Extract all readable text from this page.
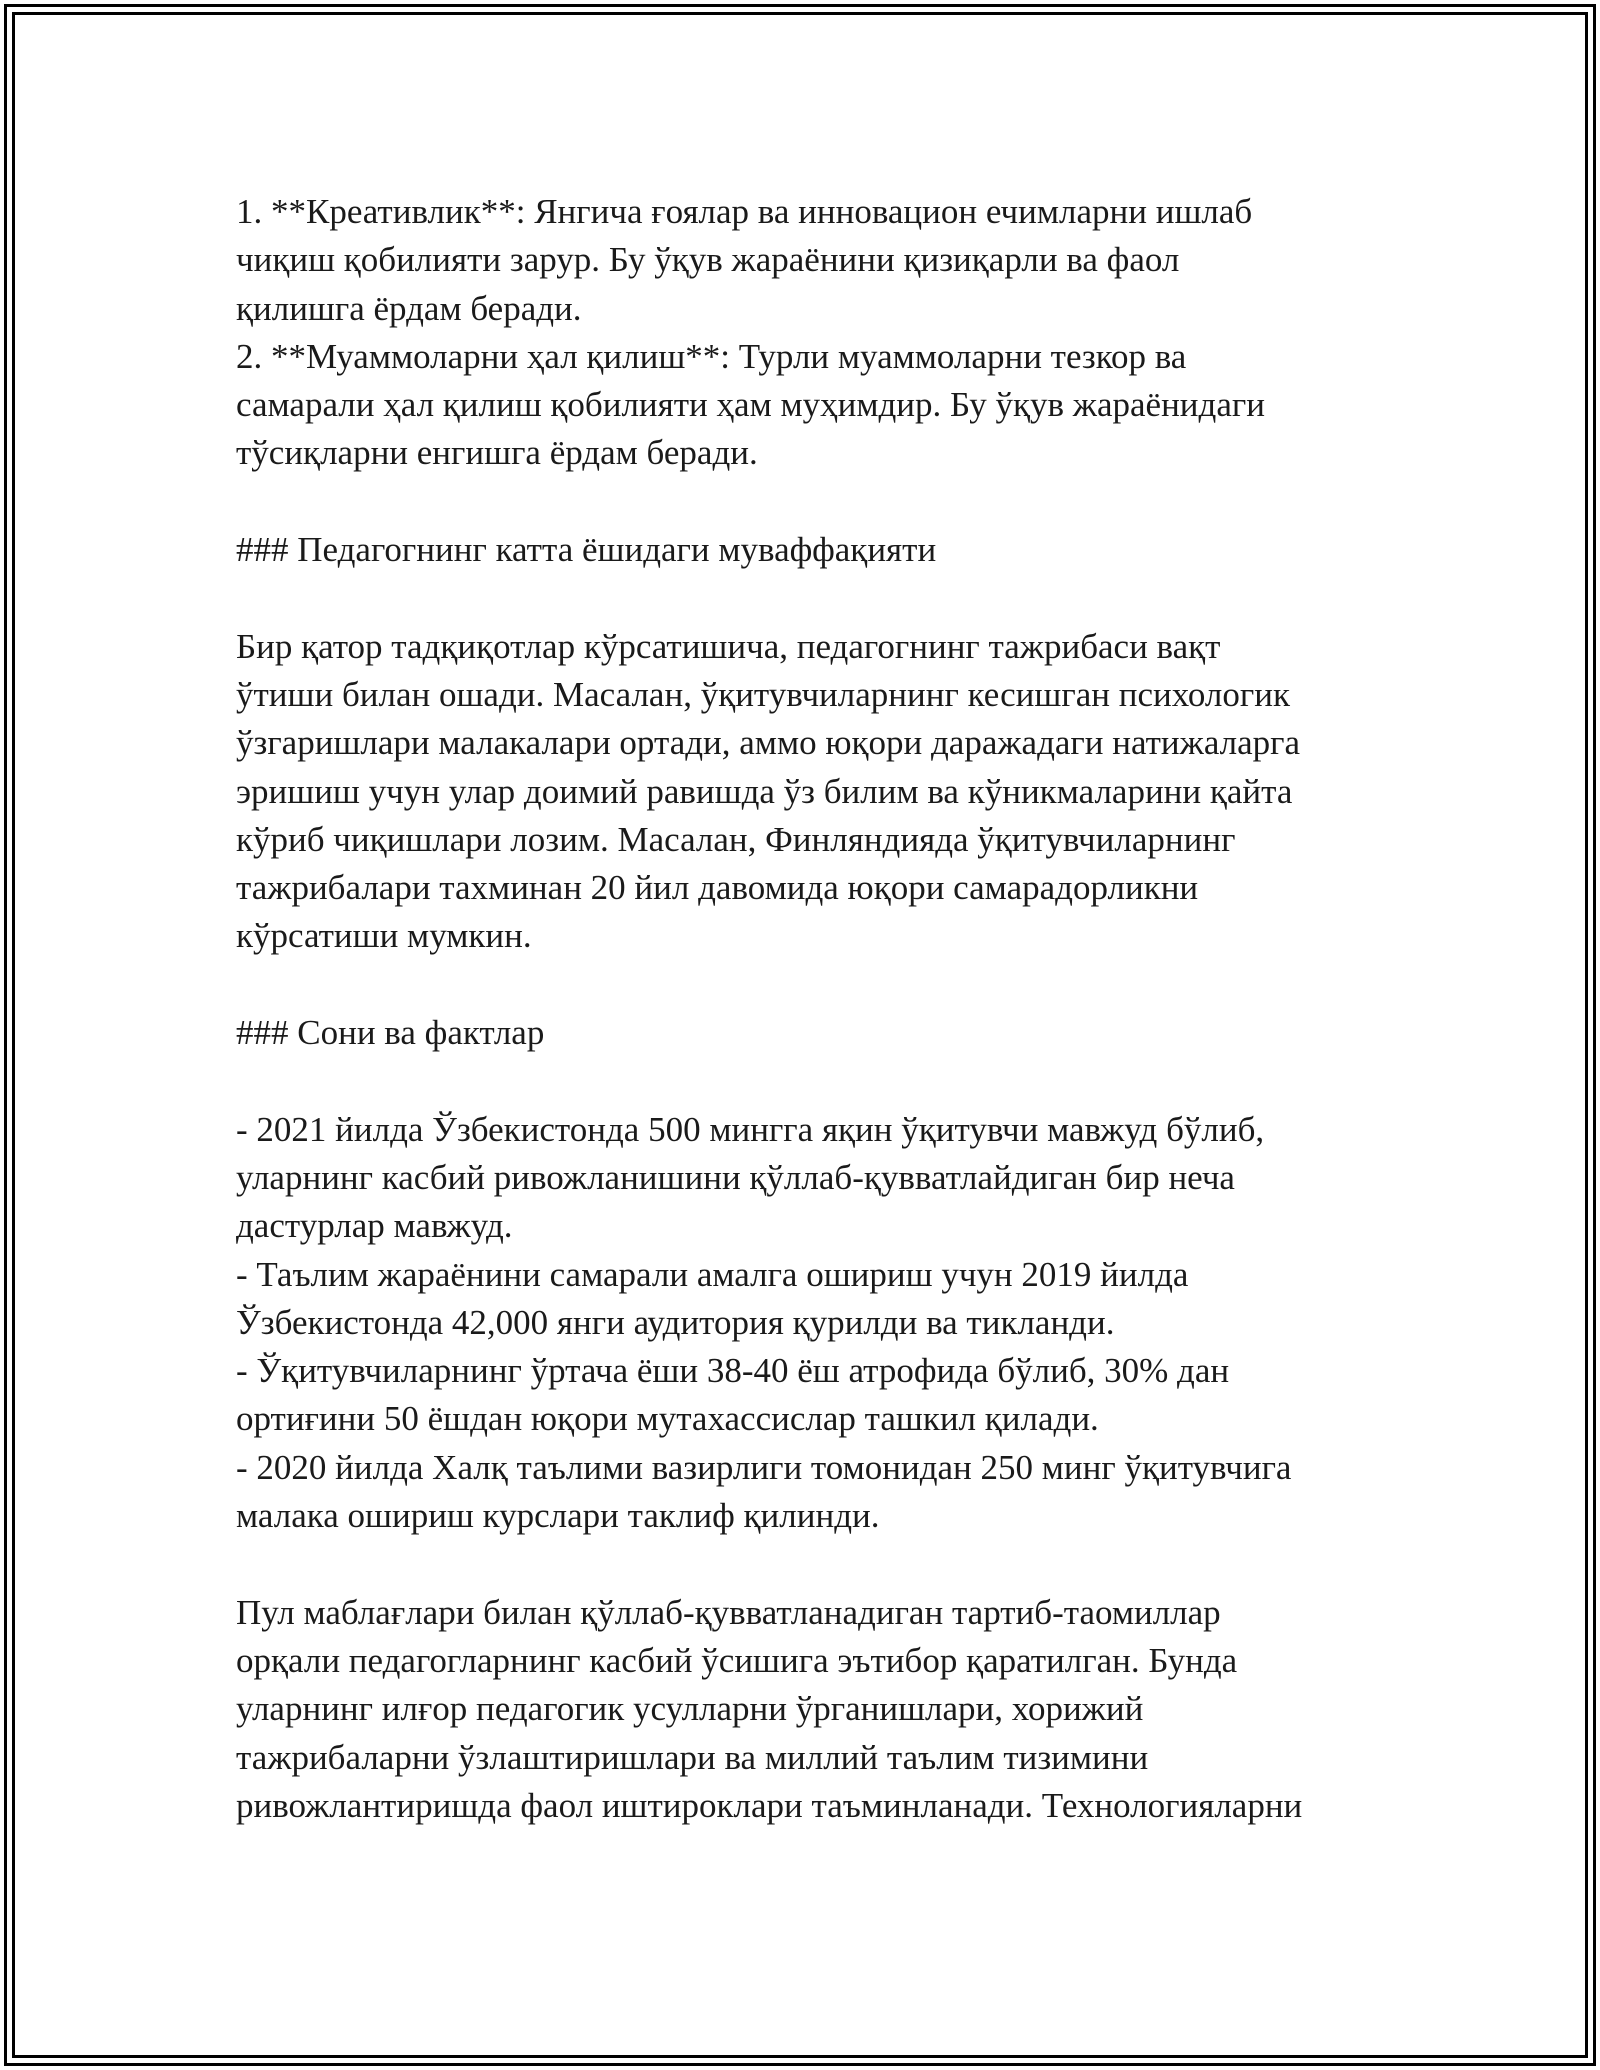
1. **Креативлик**: Янгича ғоялар ва инновацион ечимларни ишлаб
чиқиш қобилияти зарур. Бу ўқув жараёнини қизиқарли ва фаол
қилишга ёрдам беради.
2. **Муаммоларни ҳал қилиш**: Турли муаммоларни тезкор ва
самарали ҳал қилиш қобилияти ҳам муҳимдир. Бу ўқув жараёнидаги
тўсиқларни енгишга ёрдам беради.
### Педагогнинг катта ёшидаги муваффақияти
Бир қатор тадқиқотлар кўрсатишича, педагогнинг тажрибаси вақт
ўтиши билан ошади. Масалан, ўқитувчиларнинг кесишган психологик
ўзгаришлари малакалари ортади, аммо юқори даражадаги натижаларга
эришиш учун улар доимий равишда ўз билим ва кўникмаларини қайта
кўриб чиқишлари лозим. Масалан, Финляндияда ўқитувчиларнинг
тажрибалари тахминан 20 йил давомида юқори самарадорликни
кўрсатиши мумкин.
### Сони ва фактлар
- 2021 йилда Ўзбекистонда 500 мингга яқин ўқитувчи мавжуд бўлиб,
уларнинг касбий ривожланишини қўллаб-қувватлайдиган бир неча
дастурлар мавжуд.
- Таълим жараёнини самарали амалга ошириш учун 2019 йилда
Ўзбекистонда 42,000 янги аудитория қурилди ва тикланди.
- Ўқитувчиларнинг ўртача ёши 38-40 ёш атрофида бўлиб, 30% дан
ортиғини 50 ёшдан юқори мутахассислар ташкил қилади.
- 2020 йилда Халқ таълими вазирлиги томонидан 250 минг ўқитувчига
малака ошириш курслари таклиф қилинди.
Пул маблағлари билан қўллаб-қувватланадиган тартиб-таомиллар
орқали педагогларнинг касбий ўсишига эътибор қаратилган. Бунда
уларнинг илғор педагогик усулларни ўрганишлари, хорижий
тажрибаларни ўзлаштиришлари ва миллий таълим тизимини
ривожлантиришда фаол иштироклари таъминланади. Технологияларни
